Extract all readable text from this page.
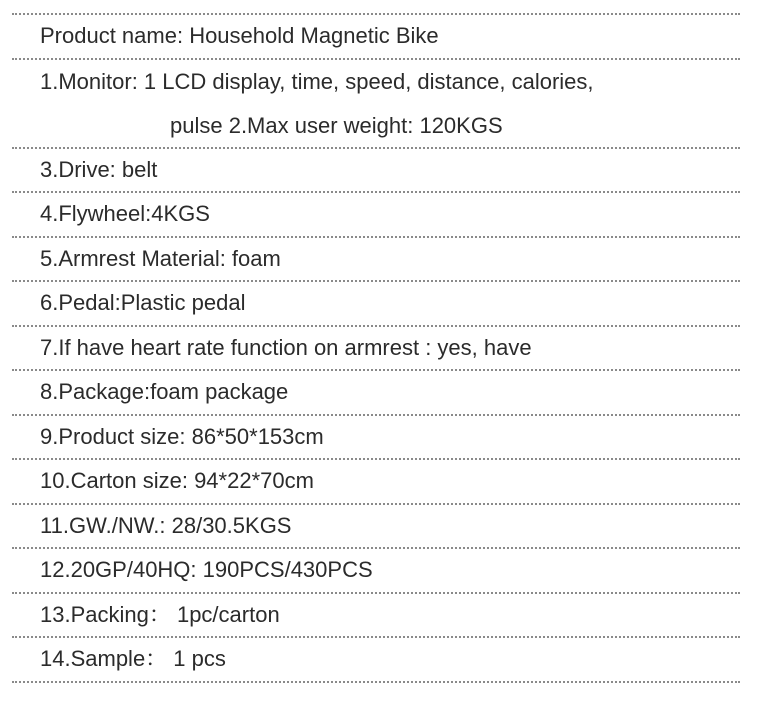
Product name: Household Magnetic Bike
1.Monitor: 1 LCD display, time, speed, distance, calories,
pulse 2.Max user weight: 120KGS
3.Drive: belt
4.Flywheel:4KGS
5.Armrest Material: foam
6.Pedal:Plastic pedal
7.If have heart rate function on armrest : yes, have
8.Package:foam package
9.Product size: 86*50*153cm
10.Carton size: 94*22*70cm
11.GW./NW.: 28/30.5KGS
12.20GP/40HQ: 190PCS/430PCS
13.Packing： 1pc/carton
14.Sample： 1 pcs
